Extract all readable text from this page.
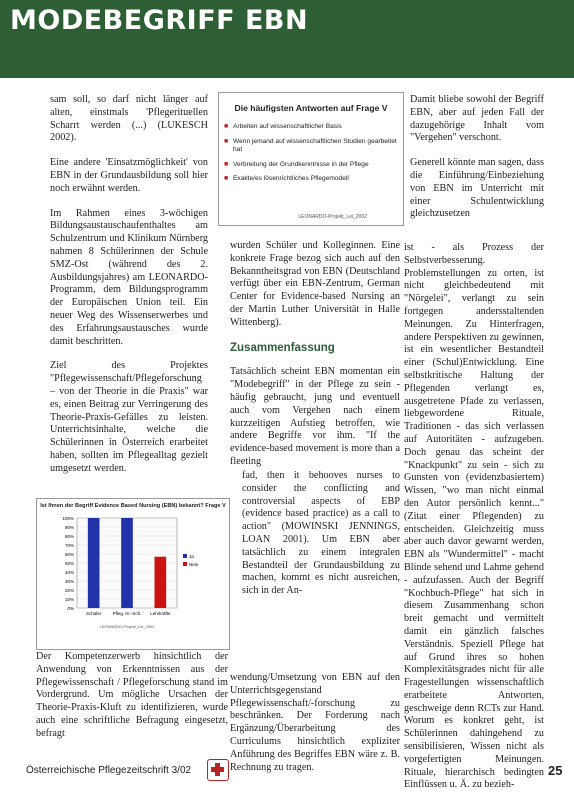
MODEBEGRIFF EBN

sam soll, so darf nicht länger auf alten, einstmals 'Pflegerituellen Scharrt werden (...) (LUKESCH 2002).

Eine andere 'Einsatzmöglichkeit' von EBN in der Grundausbildung soll hier noch erwähnt werden.

Im Rahmen eines 3-wöchigen Bildungsaustauschaufenthaltes am Schulzentrum und Klinikum Nürnberg nahmen 8 Schülerinnen der Schule SMZ-Ost (während des 2. Ausbildungsjahres) am LEONARDO-Programm, dem Bildungsprogramm der Europäischen Union teil. Ein neuer Weg des Wissenserwerbes und des Erfahrungsaustausches wurde damit beschritten.

Ziel des Projektes "Pflegewissenschaft/Pflegeforschung – von der Theorie in die Praxis" war es, einen Beitrag zur Verringerung des Theorie-Praxis-Gefälles zu leisten. Unterrichtsinhalte, welche die Schülerinnen in Österreich erarbeitet haben, sollten im Pflegealltag gezielt umgesetzt werden.

Die häufigsten Antworten auf Frage V
■ Arbeiten auf wissenschaftlicher Basis
■ Wenn jemand auf wissenschaftlichen Studien gearbeitet hat
■ Verbreitung der Grundkenntnisse in der Pflege
■ Exakte/es lösenrichtliches Pflegemodell
LEONARDO-Projekt_Lei_2002
Ist Ihnen der Begriff Evidence Based Nursing (EBN) bekannt? Frage V
100%
90%
80%
70%
60%
50%
40%
30%
20%
10%
0%
Schüler	Pfleg. Kr.-Sch. Lehrkräfte
Ja
Nein
LEONARDO-Projekt_Lei_2002

Der Kompetenzerwerb hinsichtlich der Anwendung von Erkenntnissen aus der Pflegewissenschaft / Pflegeforschung stand im Vordergrund. Um mögliche Ursachen der Theorie-Praxis-Kluft zu identifizieren, wurde auch eine schriftliche Befragung eingesetzt, befragt

wurden Schüler und Kolleginnen. Eine konkrete Frage bezog sich auch auf den Bekanntheitsgrad von EBN (Deutschland verfügt über ein EBN-Zentrum, German Center for Evidence-based Nursing an der Martin Luther Universität in Halle Wittenberg).

Zusammenfassung

Tatsächlich scheint EBN momentan ein "Modebegriff" in der Pflege zu sein - häufig gebraucht, jung und eventuell auch vom Vergehen nach einem kurzzeitigen Aufstieg betroffen, wie andere Begriffe vor ihm. "If the evidence-based movement is more than a fleeting

fad, then it behooves nurses to consider the conflicting and controversial aspects of EBP (evidence based practice) as a call to action" (MOWINSKI JENNINGS, LOAN 2001). Um EBN aber tatsächlich zu einem integralen Bestandteil der Grundausbildung zu machen, kommt es nicht ausreichen, sich in der An-

wendung/Umsetzung von EBN auf den Unterrichtsgegenstand Pflegewissenschaft/-forschung zu beschränken. Der Forderung nach Ergänzung/Überarbeitung des Curriculums hinsichtlich expliziter Anführung des Begriffes EBN wäre z. B. Rechnung zu tragen.

Damit bliebe sowohl der Begriff EBN, aber auf jeden Fall der dazugehörige Inhalt vom "Vergehen" verschont.

Generell könnte man sagen, dass die Einführung/Einbeziehung von EBN im Unterricht mit einer Schulentwicklung gleichzusetzen

ist - als Prozess der Selbstverbesserung. Problemstellungen zu orten, ist nicht gleichbedeutend mit "Nörgelei", verlangt zu sein fortgegen andersstaltenden Meinungen. Zu Hinterfragen, andere Perspektiven zu gewinnen, ist ein wesentlicher Bestandteil einer (Schul)Entwicklung. Eine selbstkritische Haltung der Pflegenden verlangt es, ausgetretene Pfade zu verlassen, liebgewordene Rituale, Traditionen - das sich verlassen auf Autoritäten - aufzugeben. Doch genau das scheint der "Knackpunkt" zu sein - sich zu Gunsten von (evidenzbasiertem) Wissen, "wo man nicht einmal den Autor persönlich kennt..." (Zitat einer Pflegenden) zu entscheiden. Gleichzeitig muss aber auch davor gewarnt werden, EBN als "Wundermittel" - macht Blinde sehend und Lahme gehend - aufzufassen. Auch der Begriff "Kochbuch-Pflege" hat sich in diesem Zusammenhang schon breit gemacht und vermittelt damit ein gänzlich falsches Verständnis. Speziell Pflege hat auf Grund ihres so hohen Komplexitätsgrades nicht für alle Fragestellungen wissenschaftlich erarbeitete Antworten, geschweige denn RCTs zur Hand. Worum es konkret geht, ist Schülerinnen dahingehend zu sensibilisieren, Wissen nicht als vorgefertigten Meinungen. Rituale, hierarchisch bedingten Einflüssen u. Ä. zu bezieh-

Österreichische Pflegezeitschrift 3/02	25
